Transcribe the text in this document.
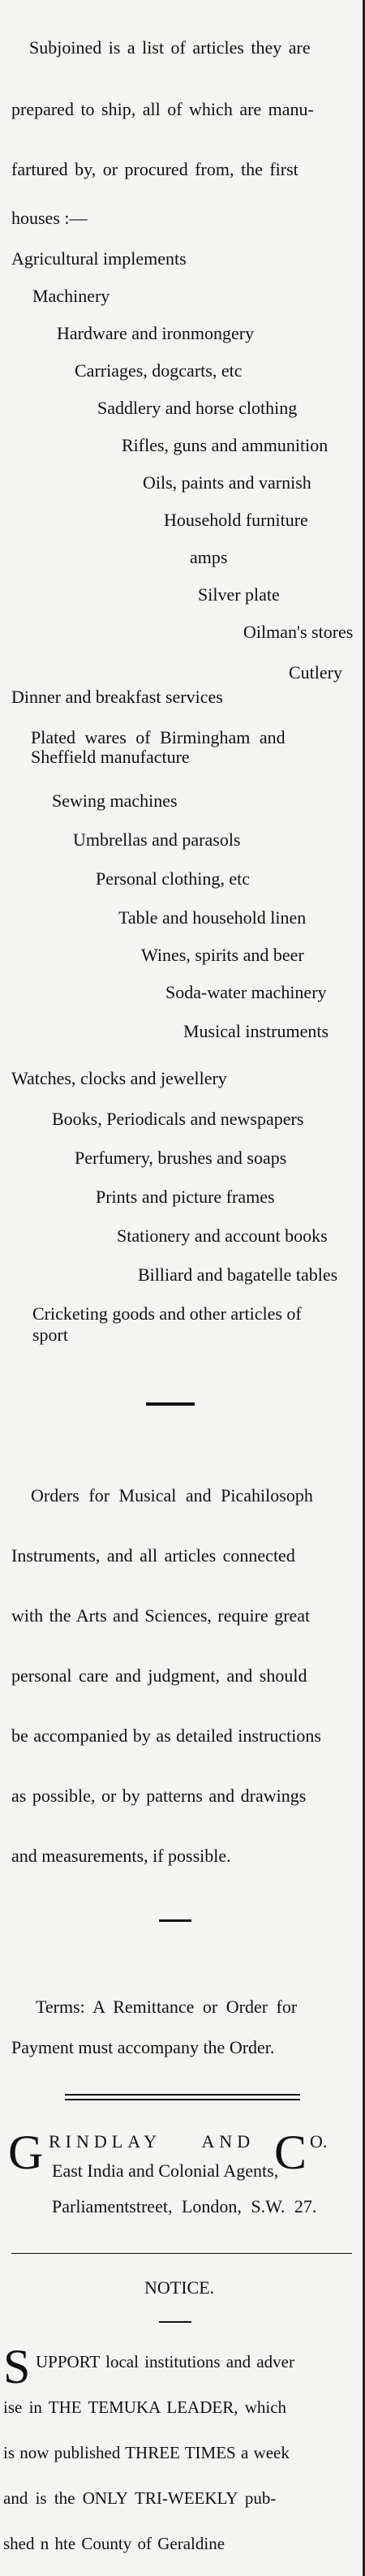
Subjoined is a list of articles they are
prepared to ship, all of which are manu-
fartured by, or procured from, the first
houses :—
Agricultural implements
Machinery
Hardware and ironmongery
Carriages, dogcarts, etc
Saddlery and horse clothing
Rifles, guns and ammunition
Oils, paints and varnish
Household furniture
amps
Silver plate
Oilman's stores
Cutlery
Dinner and breakfast services
Plated wares of Birmingham and
Sheffield manufacture
Sewing machines
Umbrellas and parasols
Personal clothing, etc
Table and household linen
Wines, spirits and beer
Soda-water machinery
Musical instruments
Watches, clocks and jewellery
Books, Periodicals and newspapers
Perfumery, brushes and soaps
Prints and picture frames
Stationery and account books
Billiard and bagatelle tables
Cricketing goods and other articles of
sport
Orders for Musical and Picahilosoph
Instruments, and all articles connected
with the Arts and Sciences, require great
personal care and judgment, and should
be accompanied by as detailed instructions
as possible, or by patterns and drawings
and measurements, if possible.
Terms: A Remittance or Order for
Payment must accompany the Order.
G RINDLAY AND C O.
East India and Colonial Agents,
Parliamentstreet, London, S.W. 27.
NOTICE.
S UPPORT local institutions and adver
ise in THE TEMUKA LEADER, which
is now published THREE TIMES a week
and is the ONLY TRI-WEEKLY pub-
shed n hte County of Geraldine
